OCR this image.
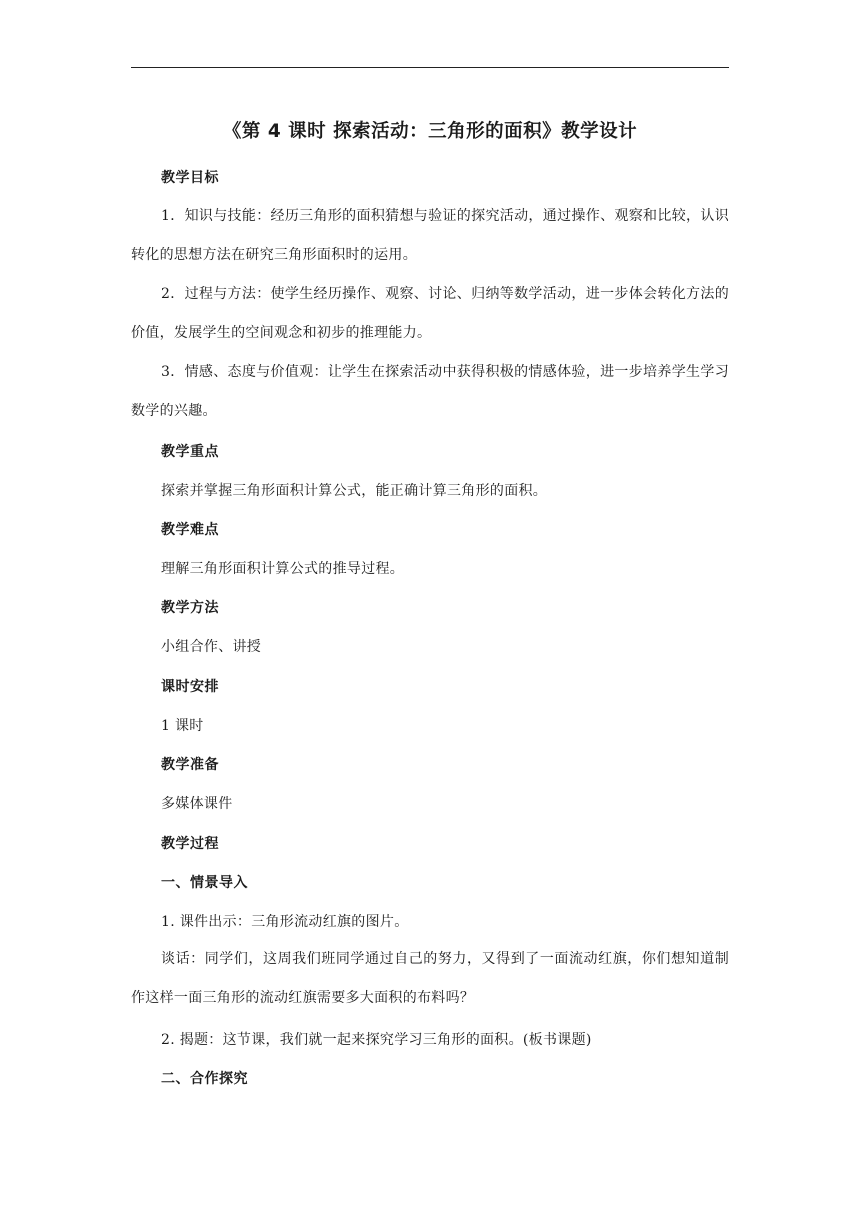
《第 4 课时 探索活动：三角形的面积》教学设计
教学目标
1．知识与技能：经历三角形的面积猜想与验证的探究活动，通过操作、观察和比较，认识转化的思想方法在研究三角形面积时的运用。
2．过程与方法：使学生经历操作、观察、讨论、归纳等数学活动，进一步体会转化方法的价值，发展学生的空间观念和初步的推理能力。
3．情感、态度与价值观：让学生在探索活动中获得积极的情感体验，进一步培养学生学习数学的兴趣。
教学重点
探索并掌握三角形面积计算公式，能正确计算三角形的面积。
教学难点
理解三角形面积计算公式的推导过程。
教学方法
小组合作、讲授
课时安排
1 课时
教学准备
多媒体课件
教学过程
一、情景导入
1. 课件出示：三角形流动红旗的图片。
谈话：同学们，这周我们班同学通过自己的努力，又得到了一面流动红旗，你们想知道制作这样一面三角形的流动红旗需要多大面积的布料吗？
2. 揭题：这节课，我们就一起来探究学习三角形的面积。(板书课题)
二、合作探究
